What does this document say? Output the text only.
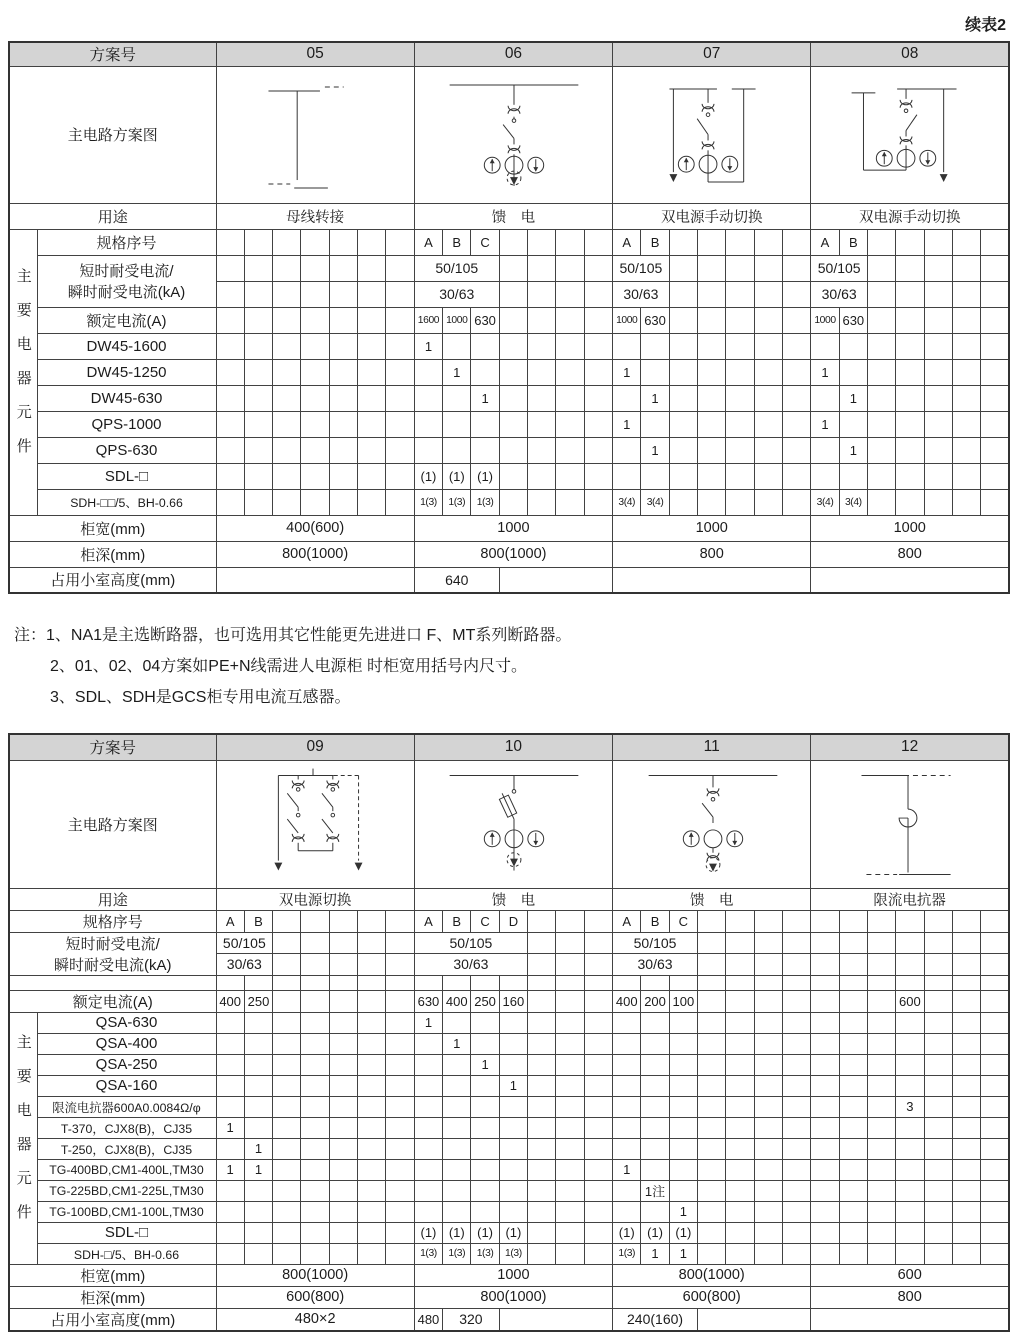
续表2
方案号		05							06							07							08						
主电路方案图	

用途		母线转接							馈　电							双电源手动切换							双电源手动切换						
主要电器元件	规格序号								A	B	C					A	B						A	B					
	短时耐受电流/
瞬时耐受电流(kA)								50/105							50/105							50/105						
									30/63							30/63							30/63						
	额定电流(A)								1600	1000	630					1000	630						1000	630					
	DW45-1600								1																				
	DW45-1250									1						1							1						
	DW45-630										1						1							1					
	QPS-1000															1							1						
	QPS-630																1							1					
	SDL-□								(1)	(1)	(1)																		
	SDH-□□/5、BH-0.66								1(3)	1(3)	1(3)					3(4)	3(4)						3(4)	3(4)					
柜宽(mm)		400(600)							1000							1000							1000						
柜深(mm)		800(1000)							800(1000)							800							800						
占用小室高度(mm)									640																				
注：1、NA1是主选断路器，也可选用其它性能更先进进口 F、MT系列断路器。
2、01、02、04方案如PE+N线需进人电源柜 时柜宽用括号内尺寸。
3、SDL、SDH是GCS柜专用电流互感器。
方案号		09							10							11							12						
主电路方案图	

用途		双电源切换							馈　电							馈　电							限流电抗器						
规格序号		A	B						A	B	C	D				A	B	C											
短时耐受电流/
瞬时耐受电流(kA)		50/105							50/105							50/105													
		30/63							30/63							30/63													

额定电流(A)		400	250						630	400	250	160				400	200	100								600			
主要电器元件	QSA-630								1																				
	QSA-400									1																			
	QSA-250										1																		
	QSA-160											1																	
	限流电抗器600A0.0084Ω/φ																									3			
	T-370，CJX8(B)，CJ35	1																											
	T-250，CJX8(B)，CJ35		1																										
	TG-400BD,CM1-400L,TM30	1	1													1													
	TG-225BD,CM1-225L,TM30																1注												
	TG-100BD,CM1-100L,TM30																	1											
	SDL-□								(1)	(1)	(1)	(1)				(1)	(1)	(1)											
	SDH-□/5、BH-0.66								1(3)	1(3)	1(3)	1(3)				1(3)	1	1											
柜宽(mm)		800(1000)							1000							800(1000)							600						
柜深(mm)		600(800)							800(1000)							600(800)							800						
占用小室高度(mm)		480×2							480	320						240(160)													
